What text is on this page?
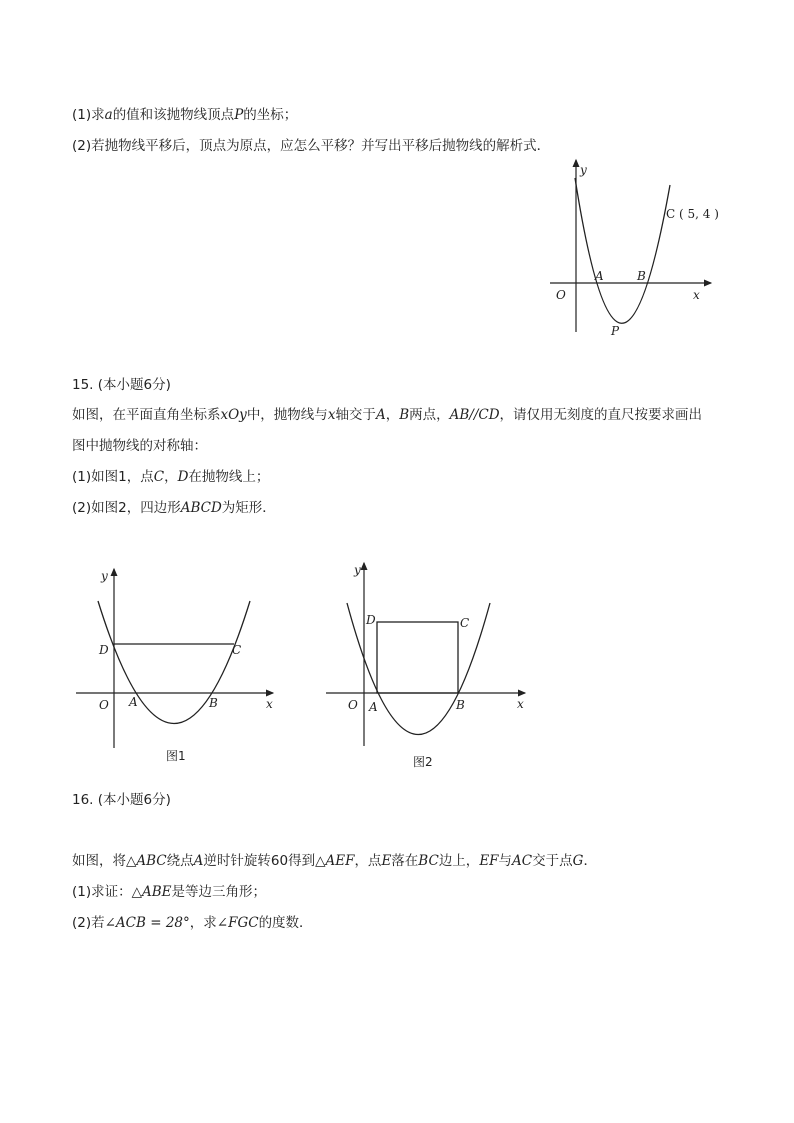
(1)求a的值和该抛物线顶点P的坐标；
(2)若抛物线平移后，顶点为原点，应怎么平移？并写出平移后抛物线的解析式．
y
x
O
A	B
P
C ( 5, 4 )
15. (本小题6分)
如图，在平面直角坐标系xOy中，抛物线与x轴交于A，B两点，AB//CD，请仅用无刻度的直尺按要求画出
图中抛物线的对称轴：
(1)如图1，点C，D在抛物线上；
(2)如图2，四边形ABCD为矩形．
y
x
O A	B
C
D
图1
y
x
O A	B
C
D
图2
16. (本小题6分)
如图，将△ABC绕点A逆时针旋转60得到△AEF，点E落在BC边上，EF与AC交于点G．
(1)求证：△ABE是等边三角形；
(2)若∠ACB = 28°，求∠FGC的度数．
